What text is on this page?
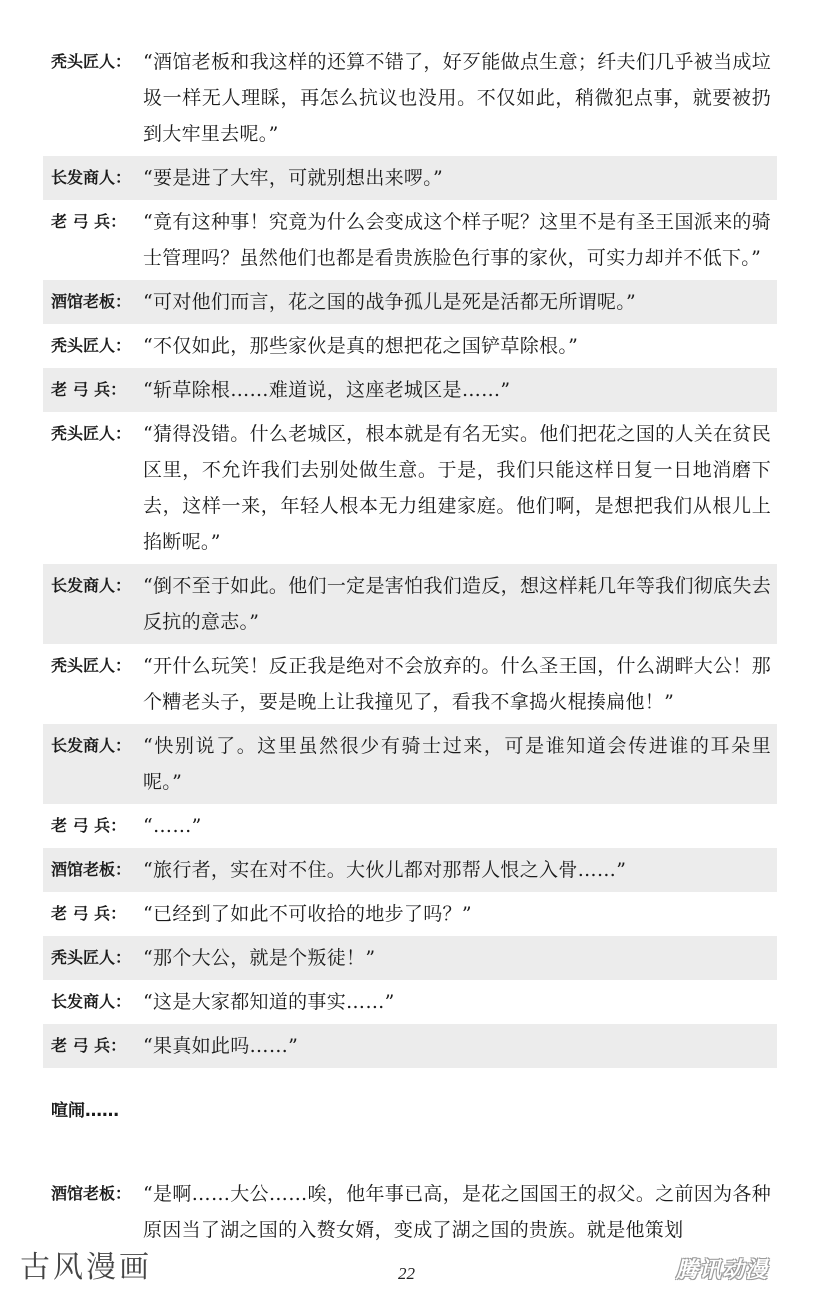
秃头匠人： “酒馆老板和我这样的还算不错了，好歹能做点生意；纤夫们几乎被当成垃圾一样无人理睬，再怎么抗议也没用。不仅如此，稍微犯点事，就要被扔到大牢里去呢。”
长发商人： “要是进了大牢，可就别想出来啰。”
老 弓 兵： “竟有这种事！究竟为什么会变成这个样子呢？这里不是有圣王国派来的骑士管理吗？虽然他们也都是看贵族脸色行事的家伙，可实力却并不低下。”
酒馆老板： “可对他们而言，花之国的战争孤儿是死是活都无所谓呢。”
秃头匠人： “不仅如此，那些家伙是真的想把花之国铲草除根。”
老 弓 兵： “斩草除根……难道说，这座老城区是……”
秃头匠人： “猜得没错。什么老城区，根本就是有名无实。他们把花之国的人关在贫民区里，不允许我们去别处做生意。于是，我们只能这样日复一日地消磨下去，这样一来，年轻人根本无力组建家庭。他们啊，是想把我们从根儿上掐断呢。”
长发商人： “倒不至于如此。他们一定是害怕我们造反，想这样耗几年等我们彻底失去反抗的意志。”
秃头匠人： “开什么玩笑！反正我是绝对不会放弃的。什么圣王国，什么湖畔大公！那个糟老头子，要是晚上让我撞见了，看我不拿捣火棍揍扁他！”
长发商人： “快别说了。这里虽然很少有骑士过来，可是谁知道会传进谁的耳朵里呢。”
老 弓 兵： “……”
酒馆老板： “旅行者，实在对不住。大伙儿都对那帮人恨之入骨……”
老 弓 兵： “已经到了如此不可收拾的地步了吗？”
秃头匠人： “那个大公，就是个叛徒！”
长发商人： “这是大家都知道的事实……”
老 弓 兵： “果真如此吗……”
喧闹……
酒馆老板： “是啊……大公……唉，他年事已高，是花之国国王的叔父。之前因为各种原因当了湖之国的入赘女婿，变成了湖之国的贵族。就是他策划
古风漫画	22	腾讯动漫
